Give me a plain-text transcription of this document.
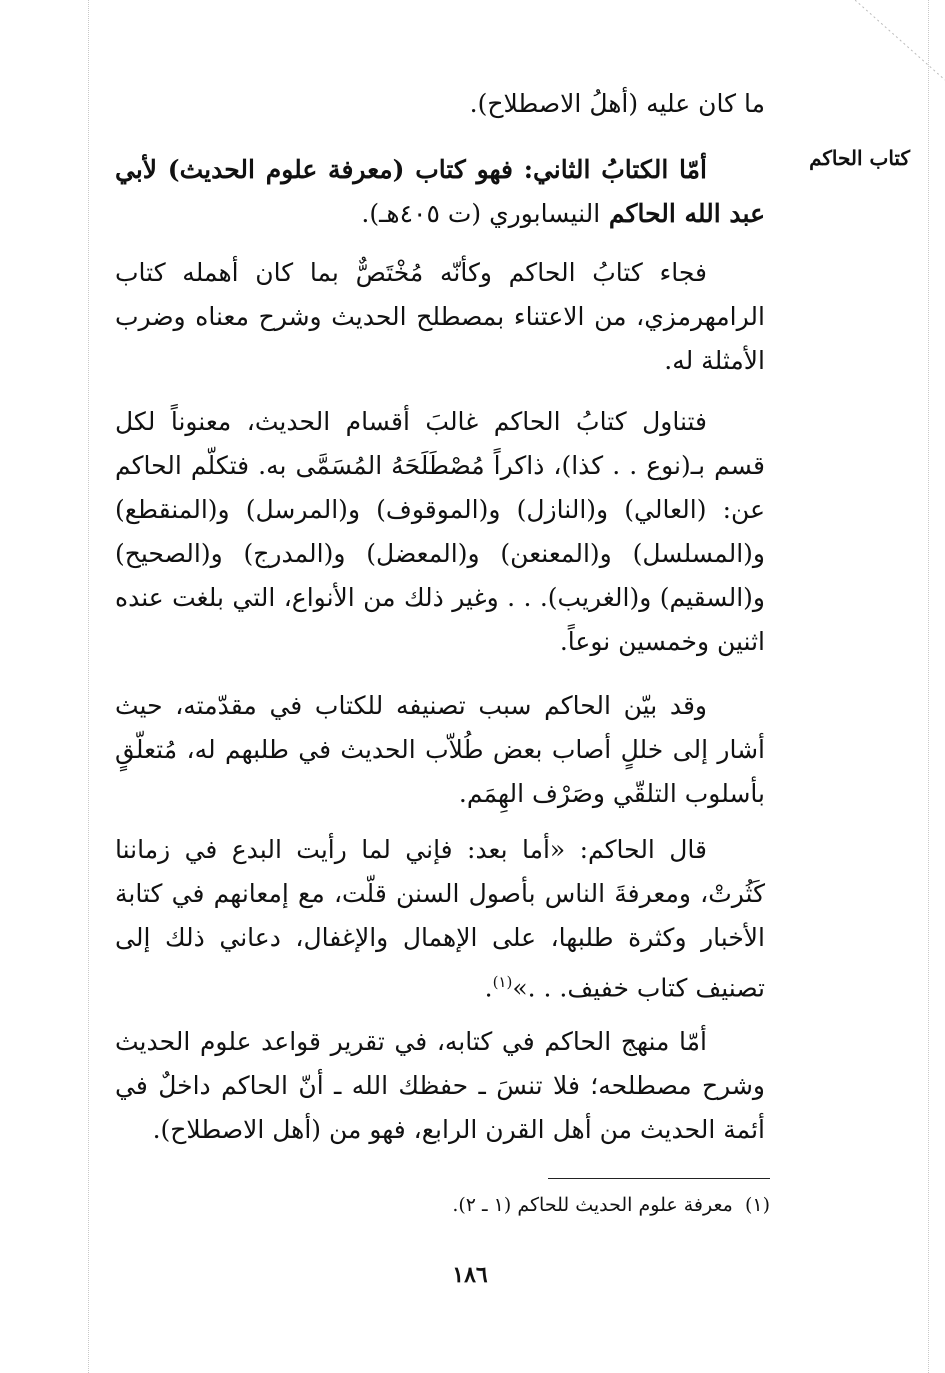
كتاب الحاكم

ما كان عليه (أهلُ الاصطلاح).

أمّا الكتابُ الثاني: فهو كتاب (معرفة علوم الحديث) لأبي عبد الله الحاكم النيسابوري (ت ٤٠٥هـ).

فجاء كتابُ الحاكم وكأنّه مُخْتَصٌّ بما كان أهمله كتاب الرامهرمزي، من الاعتناء بمصطلح الحديث وشرح معناه وضرب الأمثلة له.

فتناول كتابُ الحاكم غالبَ أقسام الحديث، معنوناً لكل قسم بـ(نوع . . كذا)، ذاكراً مُصْطَلَحَهُ المُسَمَّى به. فتكلّم الحاكم عن: (العالي) و(النازل) و(الموقوف) و(المرسل) و(المنقطع) و(المسلسل) و(المعنعن) و(المعضل) و(المدرج) و(الصحيح) و(السقيم) و(الغريب). . . وغير ذلك من الأنواع، التي بلغت عنده اثنين وخمسين نوعاً.

وقد بيّن الحاكم سبب تصنيفه للكتاب في مقدّمته، حيث أشار إلى خللٍ أصاب بعض طُلاّب الحديث في طلبهم له، مُتعلّقٍ بأسلوب التلقّي وصَرْف الهِمَم.

قال الحاكم: «أما بعد: فإني لما رأيت البدع في زماننا كَثُرتْ، ومعرفةَ الناس بأصول السنن قلّت، مع إمعانهم في كتابة الأخبار وكثرة طلبها، على الإهمال والإغفال، دعاني ذلك إلى تصنيف كتاب خفيف. . .»$^{(١)}$.

أمّا منهج الحاكم في كتابه، في تقرير قواعد علوم الحديث وشرح مصطلحه؛ فلا تنسَ ـ حفظك الله ـ أنّ الحاكم داخلٌ في أئمة الحديث من أهل القرن الرابع، فهو من (أهل الاصطلاح).

(١)  معرفة علوم الحديث للحاكم (١ ـ ٢).

١٨٦
